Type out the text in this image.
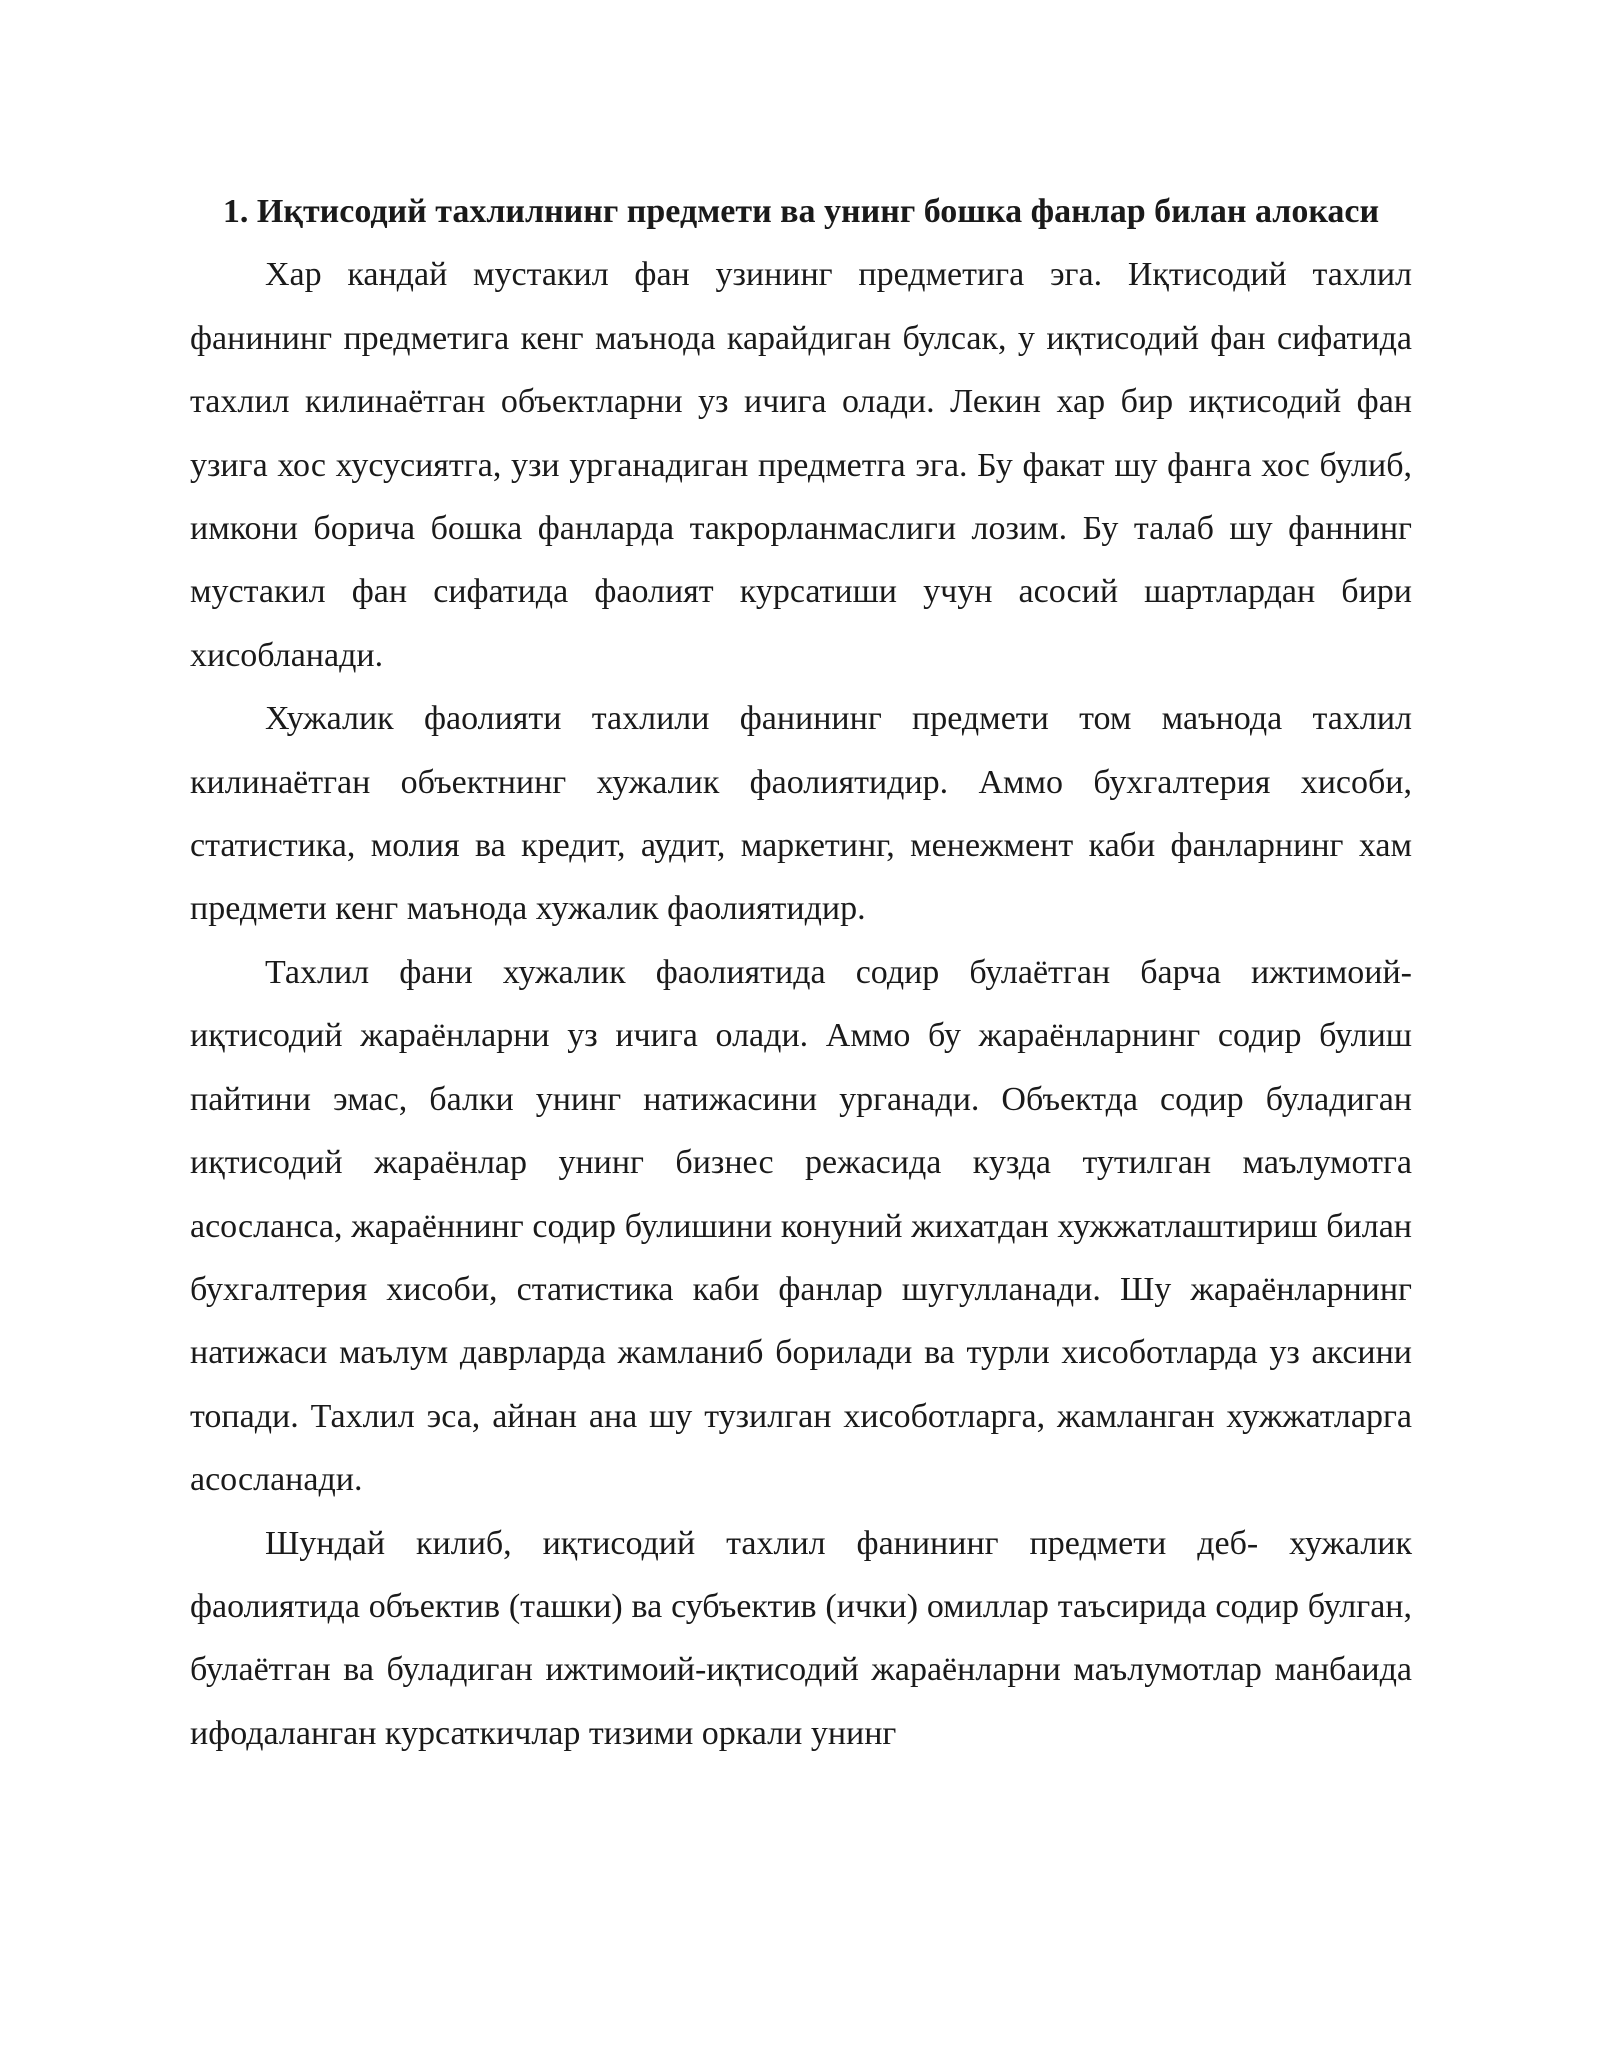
1. Иқтисодий тахлилнинг предмети ва унинг бошка фанлар билан алокаси

Хар кандай мустакил фан узининг предметига эга. Иқтисодий тахлил фанининг предметига кенг маънода карайдиган булсак, у иқтисодий фан сифатида тахлил килинаётган объектларни уз ичига олади. Лекин хар бир иқтисодий фан узига хос хусусиятга, узи урганадиган предметга эга. Бу факат шу фанга хос булиб, имкони борича бошка фанларда такрорланмаслиги лозим. Бу талаб шу фаннинг мустакил фан сифатида фаолият курсатиши учун асосий шартлардан бири хисобланади.

Хужалик фаолияти тахлили фанининг предмети том маънода тахлил килинаётган объектнинг хужалик фаолиятидир. Аммо бухгалтерия хисоби, статистика, молия ва кредит, аудит, маркетинг, менежмент каби фанларнинг хам предмети кенг маънода хужалик фаолиятидир.

Тахлил фани хужалик фаолиятида содир булаётган барча ижтимоий-иқтисодий жараёнларни уз ичига олади. Аммо бу жараёнларнинг содир булиш пайтини эмас, балки унинг натижасини урганади. Объектда содир буладиган иқтисодий жараёнлар унинг бизнес режасида кузда тутилган маълумотга асосланса, жараённинг содир булишини конуний жихатдан хужжатлаштириш билан бухгалтерия хисоби, статистика каби фанлар шугулланади. Шу жараёнларнинг натижаси маълум даврларда жамланиб борилади ва турли хисоботларда уз аксини топади. Тахлил эса, айнан ана шу тузилган хисоботларга, жамланган хужжатларга асосланади.

Шундай килиб, иқтисодий тахлил фанининг предмети деб- хужалик фаолиятида объектив (ташки) ва субъектив (ички) омиллар таъсирида содир булган, булаётган ва буладиган ижтимоий-иқтисодий жараёнларни маълумотлар манбаида ифодаланган курсаткичлар тизими оркали унинг
